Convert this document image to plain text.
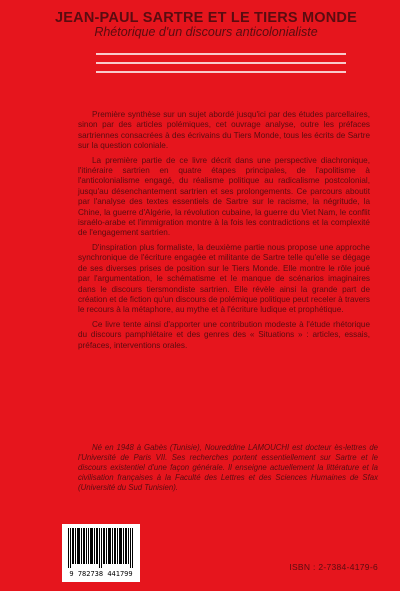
JEAN-PAUL SARTRE ET LE TIERS MONDE
Rhétorique d'un discours anticolonialiste

Première synthèse sur un sujet abordé jusqu'ici par des études parcellaires, sinon par des articles polémiques, cet ouvrage analyse, outre les préfaces sartriennes consacrées à des écrivains du Tiers Monde, tous les écrits de Sartre sur la question coloniale.

La première partie de ce livre décrit dans une perspective diachronique, l'itinéraire sartrien en quatre étapes principales, de l'apolitisme à l'anticolonialisme engagé, du réalisme politique au radicalisme postcolonial, jusqu'au désenchantement sartrien et ses prolongements. Ce parcours aboutit par l'analyse des textes essentiels de Sartre sur le racisme, la négritude, la Chine, la guerre d'Algérie, la révolution cubaine, la guerre du Viet Nam, le conflit israélo-arabe et l'immigration montre à la fois les contradictions et la complexité de l'engagement sartrien.

D'inspiration plus formaliste, la deuxième partie nous propose une approche synchronique de l'écriture engagée et militante de Sartre telle qu'elle se dégage de ses diverses prises de position sur le Tiers Monde. Elle montre le rôle joué par l'argumentation, le schématisme et le manque de scénarios imaginaires dans le discours tiersmondiste sartrien. Elle révèle ainsi la grande part de création et de fiction qu'un discours de polémique politique peut receler à travers le recours à la métaphore, au mythe et à l'écriture ludique et prophétique.

Ce livre tente ainsi d'apporter une contribution modeste à l'étude rhétorique du discours pamphlétaire et des genres des « Situations » : articles, essais, préfaces, interventions orales.

Né en 1948 à Gabès (Tunisie), Noureddine LAMOUCHI est docteur ès-lettres de l'Université de Paris VII. Ses recherches portent essentiellement sur Sartre et le discours existentiel d'une façon générale. Il enseigne actuellement la littérature et la civilisation françaises à la Faculté des Lettres et des Sciences Humaines de Sfax (Université du Sud Tunisien).
9 782738 441799
ISBN : 2-7384-4179-6
